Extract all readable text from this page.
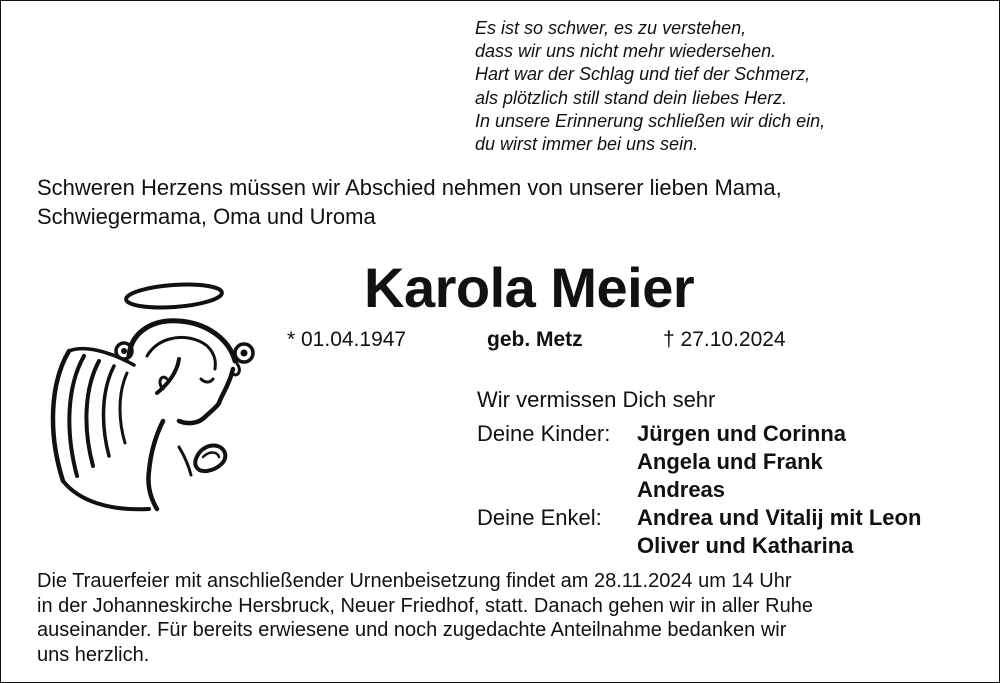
Es ist so schwer, es zu verstehen,
dass wir uns nicht mehr wiedersehen.
Hart war der Schlag und tief der Schmerz,
als plötzlich still stand dein liebes Herz.
In unsere Erinnerung schließen wir dich ein,
du wirst immer bei uns sein.
Schweren Herzens müssen wir Abschied nehmen von unserer lieben Mama,
Schwiegermama, Oma und Uroma
Karola Meier
* 01.04.1947	geb. Metz	† 27.10.2024
Wir vermissen Dich sehr
Deine Kinder: Jürgen und Corinna
Angela und Frank
Andreas
Deine Enkel: Andrea und Vitalij mit Leon
Oliver und Katharina
Die Trauerfeier mit anschließender Urnenbeisetzung findet am 28.11.2024 um 14 Uhr
in der Johanneskirche Hersbruck, Neuer Friedhof, statt. Danach gehen wir in aller Ruhe
auseinander. Für bereits erwiesene und noch zugedachte Anteilnahme bedanken wir
uns herzlich.
